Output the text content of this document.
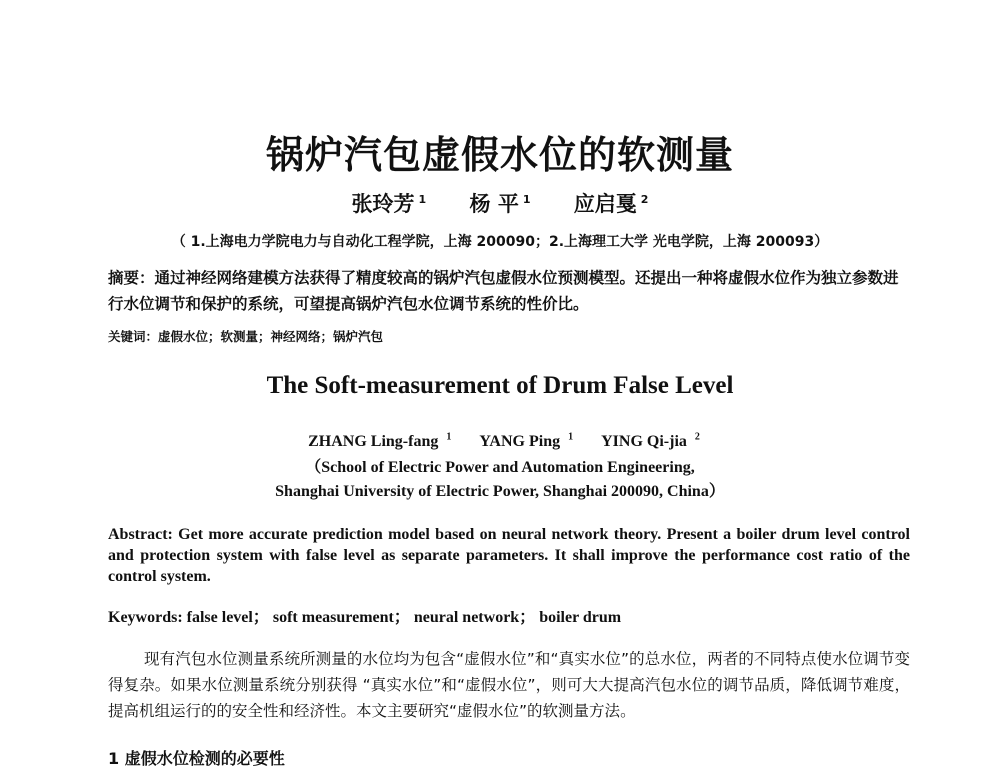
锅炉汽包虚假水位的软测量
张玲芳 $^1$ 杨 平 $^1$ 应启戛 $^2$
（ 1.上海电力学院电力与自动化工程学院，上海 200090；2.上海理工大学 光电学院，上海 200093）
摘要：通过神经网络建模方法获得了精度较高的锅炉汽包虚假水位预测模型。还提出一种将虚假水位作为独立参数进行水位调节和保护的系统，可望提高锅炉汽包水位调节系统的性价比。
关键词：虚假水位；软测量；神经网络；锅炉汽包
The Soft-measurement of Drum False Level
ZHANG Ling-fang $^1$ YANG Ping $^1$ YING Qi-jia $^2$
（School of Electric Power and Automation Engineering,
Shanghai University of Electric Power, Shanghai 200090, China）
Abstract: Get more accurate prediction model based on neural network theory. Present a boiler drum level control and protection system with false level as separate parameters. It shall improve the performance cost ratio of the control system.
Keywords: false level； soft measurement； neural network； boiler drum
现有汽包水位测量系统所测量的水位均为包含“虚假水位”和“真实水位”的总水位，两者的不同特点使水位调节变得复杂。如果水位测量系统分别获得 “真实水位”和“虚假水位”，则可大大提高汽包水位的调节品质，降低调节难度，提高机组运行的的安全性和经济性。本文主要研究“虚假水位”的软测量方法。
1 虚假水位检测的必要性
